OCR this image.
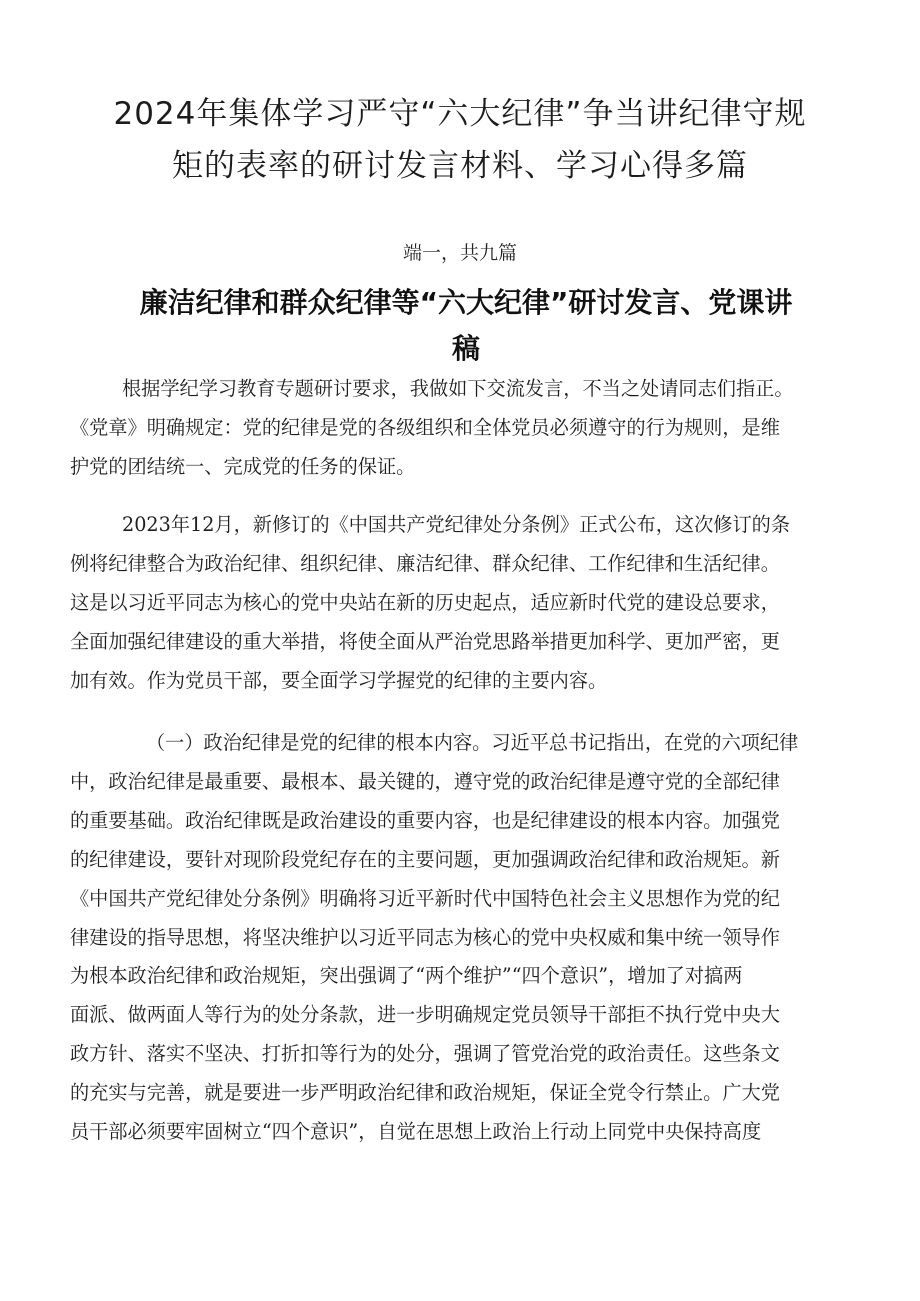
2024年集体学习严守“六大纪律”争当讲纪律守规
矩的表率的研讨发言材料、学习心得多篇

端一，共九篇

廉洁纪律和群众纪律等“六大纪律”研讨发言、党课讲
稿
根据学纪学习教育专题研讨要求，我做如下交流发言，不当之处请同志们指正。
《党章》明确规定：党的纪律是党的各级组织和全体党员必须遵守的行为规则，是维
护党的团结统一、完成党的任务的保证。
2023年12月，新修订的《中国共产党纪律处分条例》正式公布，这次修订的条
例将纪律整合为政治纪律、组织纪律、廉洁纪律、群众纪律、工作纪律和生活纪律。
这是以习近平同志为核心的党中央站在新的历史起点，适应新时代党的建设总要求，
全面加强纪律建设的重大举措，将使全面从严治党思路举措更加科学、更加严密，更
加有效。作为党员干部，要全面学习学握党的纪律的主要内容。
（一）政治纪律是党的纪律的根本内容。习近平总书记指出，在党的六项纪律
中，政治纪律是最重要、最根本、最关键的，遵守党的政治纪律是遵守党的全部纪律
的重要基础。政治纪律既是政治建设的重要内容，也是纪律建设的根本内容。加强党
的纪律建设，要针对现阶段党纪存在的主要问题，更加强调政治纪律和政治规矩。新
《中国共产党纪律处分条例》明确将习近平新时代中国特色社会主义思想作为党的纪
律建设的指导思想，将坚决维护以习近平同志为核心的党中央权威和集中统一领导作
为根本政治纪律和政治规矩，突出强调了“两个维护”“四个意识”，增加了对搞两
面派、做两面人等行为的处分条款，进一步明确规定党员领导干部拒不执行党中央大
政方针、落实不坚决、打折扣等行为的处分，强调了管党治党的政治责任。这些条文
的充实与完善，就是要进一步严明政治纪律和政治规矩，保证全党令行禁止。广大党
员干部必须要牢固树立“四个意识”，自觉在思想上政治上行动上同党中央保持高度
